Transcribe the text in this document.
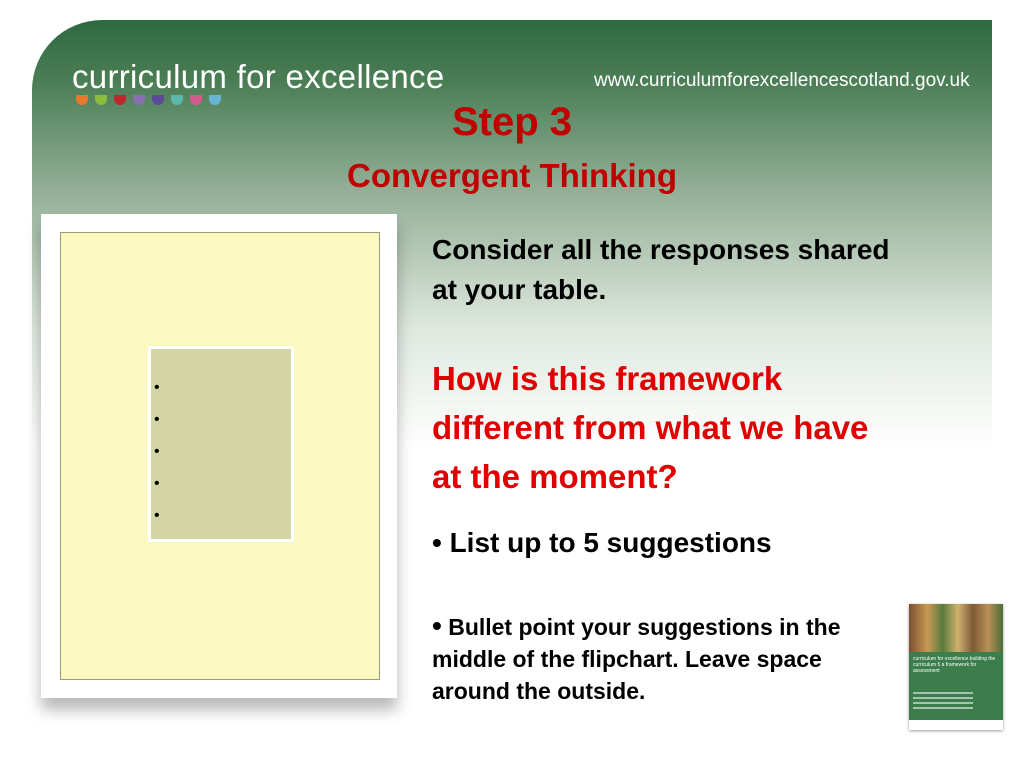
curriculum for excellence	www.curriculumforexcellencescotland.gov.uk
Step 3
Convergent Thinking
•
•
•
•
•
Consider all the responses shared at your table.
How is this framework different from what we have at the moment?
• List up to 5 suggestions
• Bullet point your suggestions in the middle of the flipchart. Leave space around the outside.
curriculum for excellence building the curriculum 5 a framework for assessment
